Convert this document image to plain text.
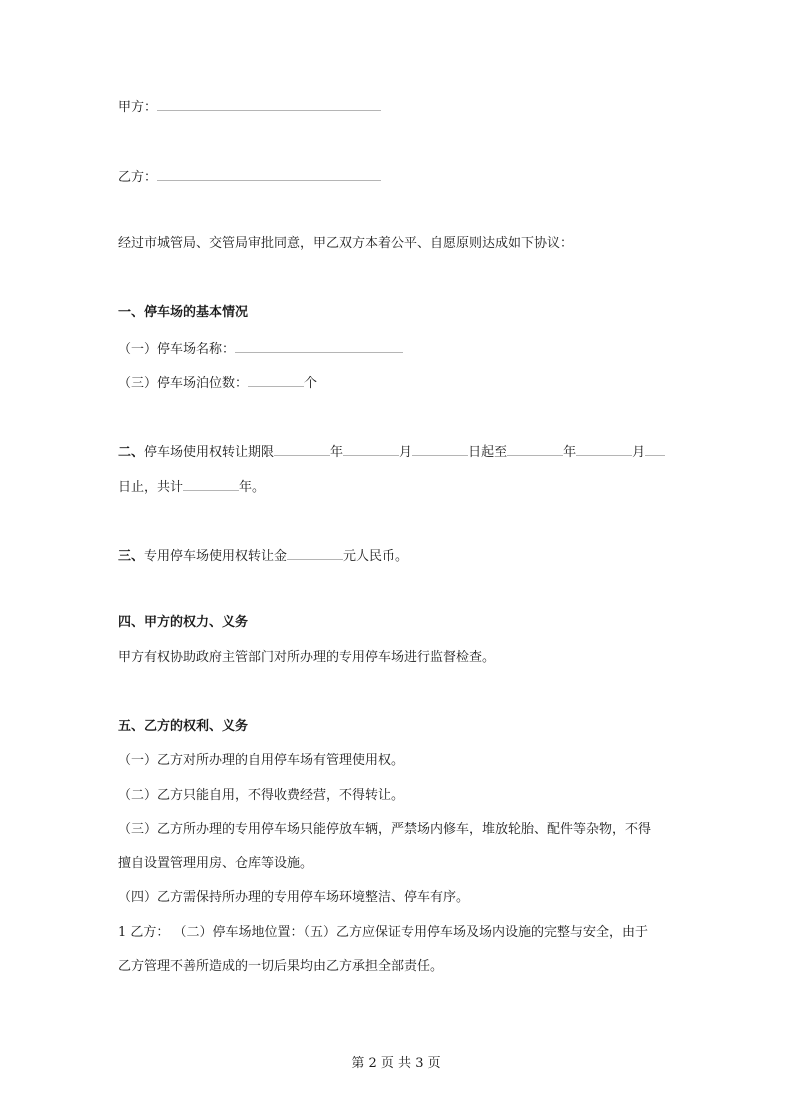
甲方：
乙方：
经过市城管局、交管局审批同意，甲乙双方本着公平、自愿原则达成如下协议：
一、停车场的基本情况
（一）停车场名称：
（三）停车场泊位数：	个
二、停车场使用权转让期限	年	月	日起至	年	月
日止，共计	年。
三、专用停车场使用权转让金	元人民币。
四、甲方的权力、义务
甲方有权协助政府主管部门对所办理的专用停车场进行监督检查。
五、乙方的权利、义务
（一）乙方对所办理的自用停车场有管理使用权。
（二）乙方只能自用，不得收费经营，不得转让。
（三）乙方所办理的专用停车场只能停放车辆，严禁场内修车，堆放轮胎、配件等杂物，不得
擅自设置管理用房、仓库等设施。
（四）乙方需保持所办理的专用停车场环境整洁、停车有序。
1 乙方： （二）停车场地位置：（五）乙方应保证专用停车场及场内设施的完整与安全，由于
乙方管理不善所造成的一切后果均由乙方承担全部责任。
第 2 页 共 3 页
